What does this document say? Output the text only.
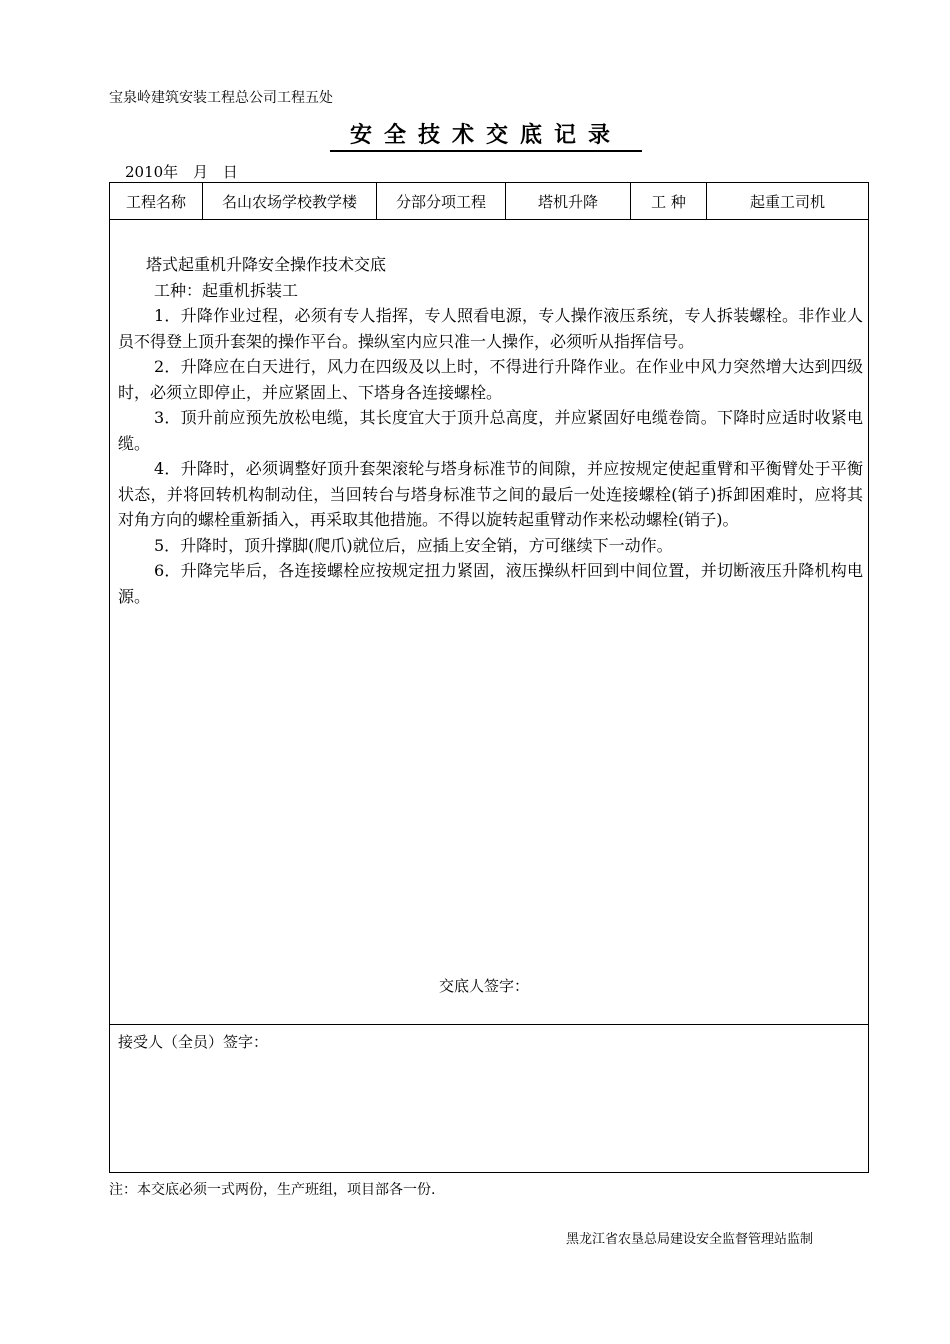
宝泉岭建筑安装工程总公司工程五处
安全技术交底记录
2010年 月 日
工程名称	名山农场学校教学楼	分部分项工程	塔机升降	工 种	起重工司机

塔式起重机升降安全操作技术交底

工种：起重机拆装工

1．升降作业过程，必须有专人指挥，专人照看电源，专人操作液压系统，专人拆装螺栓。非作业人员不得登上顶升套架的操作平台。操纵室内应只准一人操作，必须听从指挥信号。

2．升降应在白天进行，风力在四级及以上时，不得进行升降作业。在作业中风力突然增大达到四级时，必须立即停止，并应紧固上、下塔身各连接螺栓。

3．顶升前应预先放松电缆，其长度宜大于顶升总高度，并应紧固好电缆卷筒。下降时应适时收紧电缆。

4．升降时，必须调整好顶升套架滚轮与塔身标准节的间隙，并应按规定使起重臂和平衡臂处于平衡状态，并将回转机构制动住，当回转台与塔身标准节之间的最后一处连接螺栓(销子)拆卸困难时，应将其对角方向的螺栓重新插入，再采取其他措施。不得以旋转起重臂动作来松动螺栓(销子)。

5．升降时，顶升撑脚(爬爪)就位后，应插上安全销，方可继续下一动作。

6．升降完毕后，各连接螺栓应按规定扭力紧固，液压操纵杆回到中间位置，并切断液压升降机构电源。

交底人签字：
接受人（全员）签字：
注：本交底必须一式两份，生产班组，项目部各一份.
黑龙江省农垦总局建设安全监督管理站监制
